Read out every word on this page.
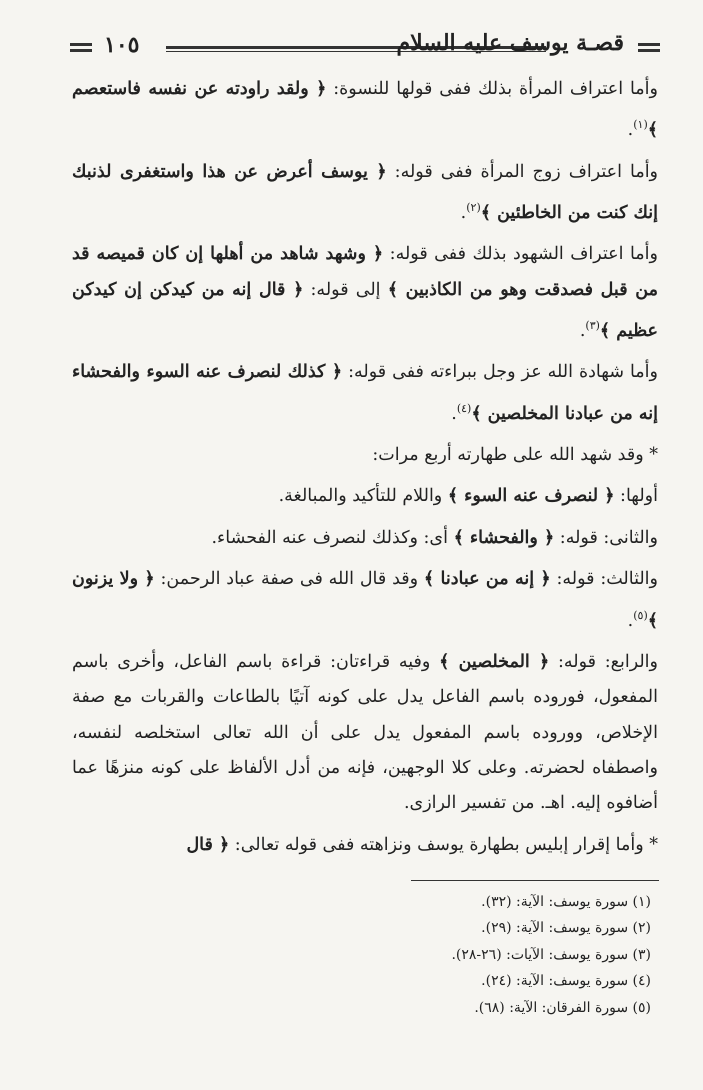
١٠٥	قصـة يوسف عليه السلام

وأما اعتراف المرأة بذلك ففى قولها للنسوة: ﴿ ولقد راودته عن نفسه فاستعصم ﴾$^{(١)}$.

وأما اعتراف زوج المرأة ففى قوله: ﴿ يوسف أعرض عن هذا واستغفرى لذنبك إنك كنت من الخاطئين ﴾$^{(٢)}$.

وأما اعتراف الشهود بذلك ففى قوله: ﴿ وشهد شاهد من أهلها إن كان قميصه قد من قبل فصدقت وهو من الكاذبين ﴾ إلى قوله: ﴿ قال إنه من كيدكن إن كيدكن عظيم ﴾$^{(٣)}$.

وأما شهادة الله عز وجل ببراءته ففى قوله: ﴿ كذلك لنصرف عنه السوء والفحشاء إنه من عبادنا المخلصين ﴾$^{(٤)}$.

* وقد شهد الله على طهارته أربع مرات:

أولها: ﴿ لنصرف عنه السوء ﴾ واللام للتأكيد والمبالغة.

والثانى: قوله: ﴿ والفحشاء ﴾ أى: وكذلك لنصرف عنه الفحشاء.

والثالث: قوله: ﴿ إنه من عبادنا ﴾ وقد قال الله فى صفة عباد الرحمن: ﴿ ولا يزنون ﴾$^{(٥)}$.

والرابع: قوله: ﴿ المخلصين ﴾ وفيه قراءتان: قراءة باسم الفاعل، وأخرى باسم المفعول، فوروده باسم الفاعل يدل على كونه آتيًا بالطاعات والقربات مع صفة الإخلاص، ووروده باسم المفعول يدل على أن الله تعالى استخلصه لنفسه، واصطفاه لحضرته. وعلى كلا الوجهين، فإنه من أدل الألفاظ على كونه منزهًا عما أضافوه إليه. اهـ. من تفسير الرازى.

* وأما إقرار إبليس بطهارة يوسف ونزاهته ففى قوله تعالى: ﴿ قال

(١) سورة يوسف: الآية: (٣٢).
(٢) سورة يوسف: الآية: (٢٩).
(٣) سورة يوسف: الآيات: (٢٦-٢٨).
(٤) سورة يوسف: الآية: (٢٤).
(٥) سورة الفرقان: الآية: (٦٨).
